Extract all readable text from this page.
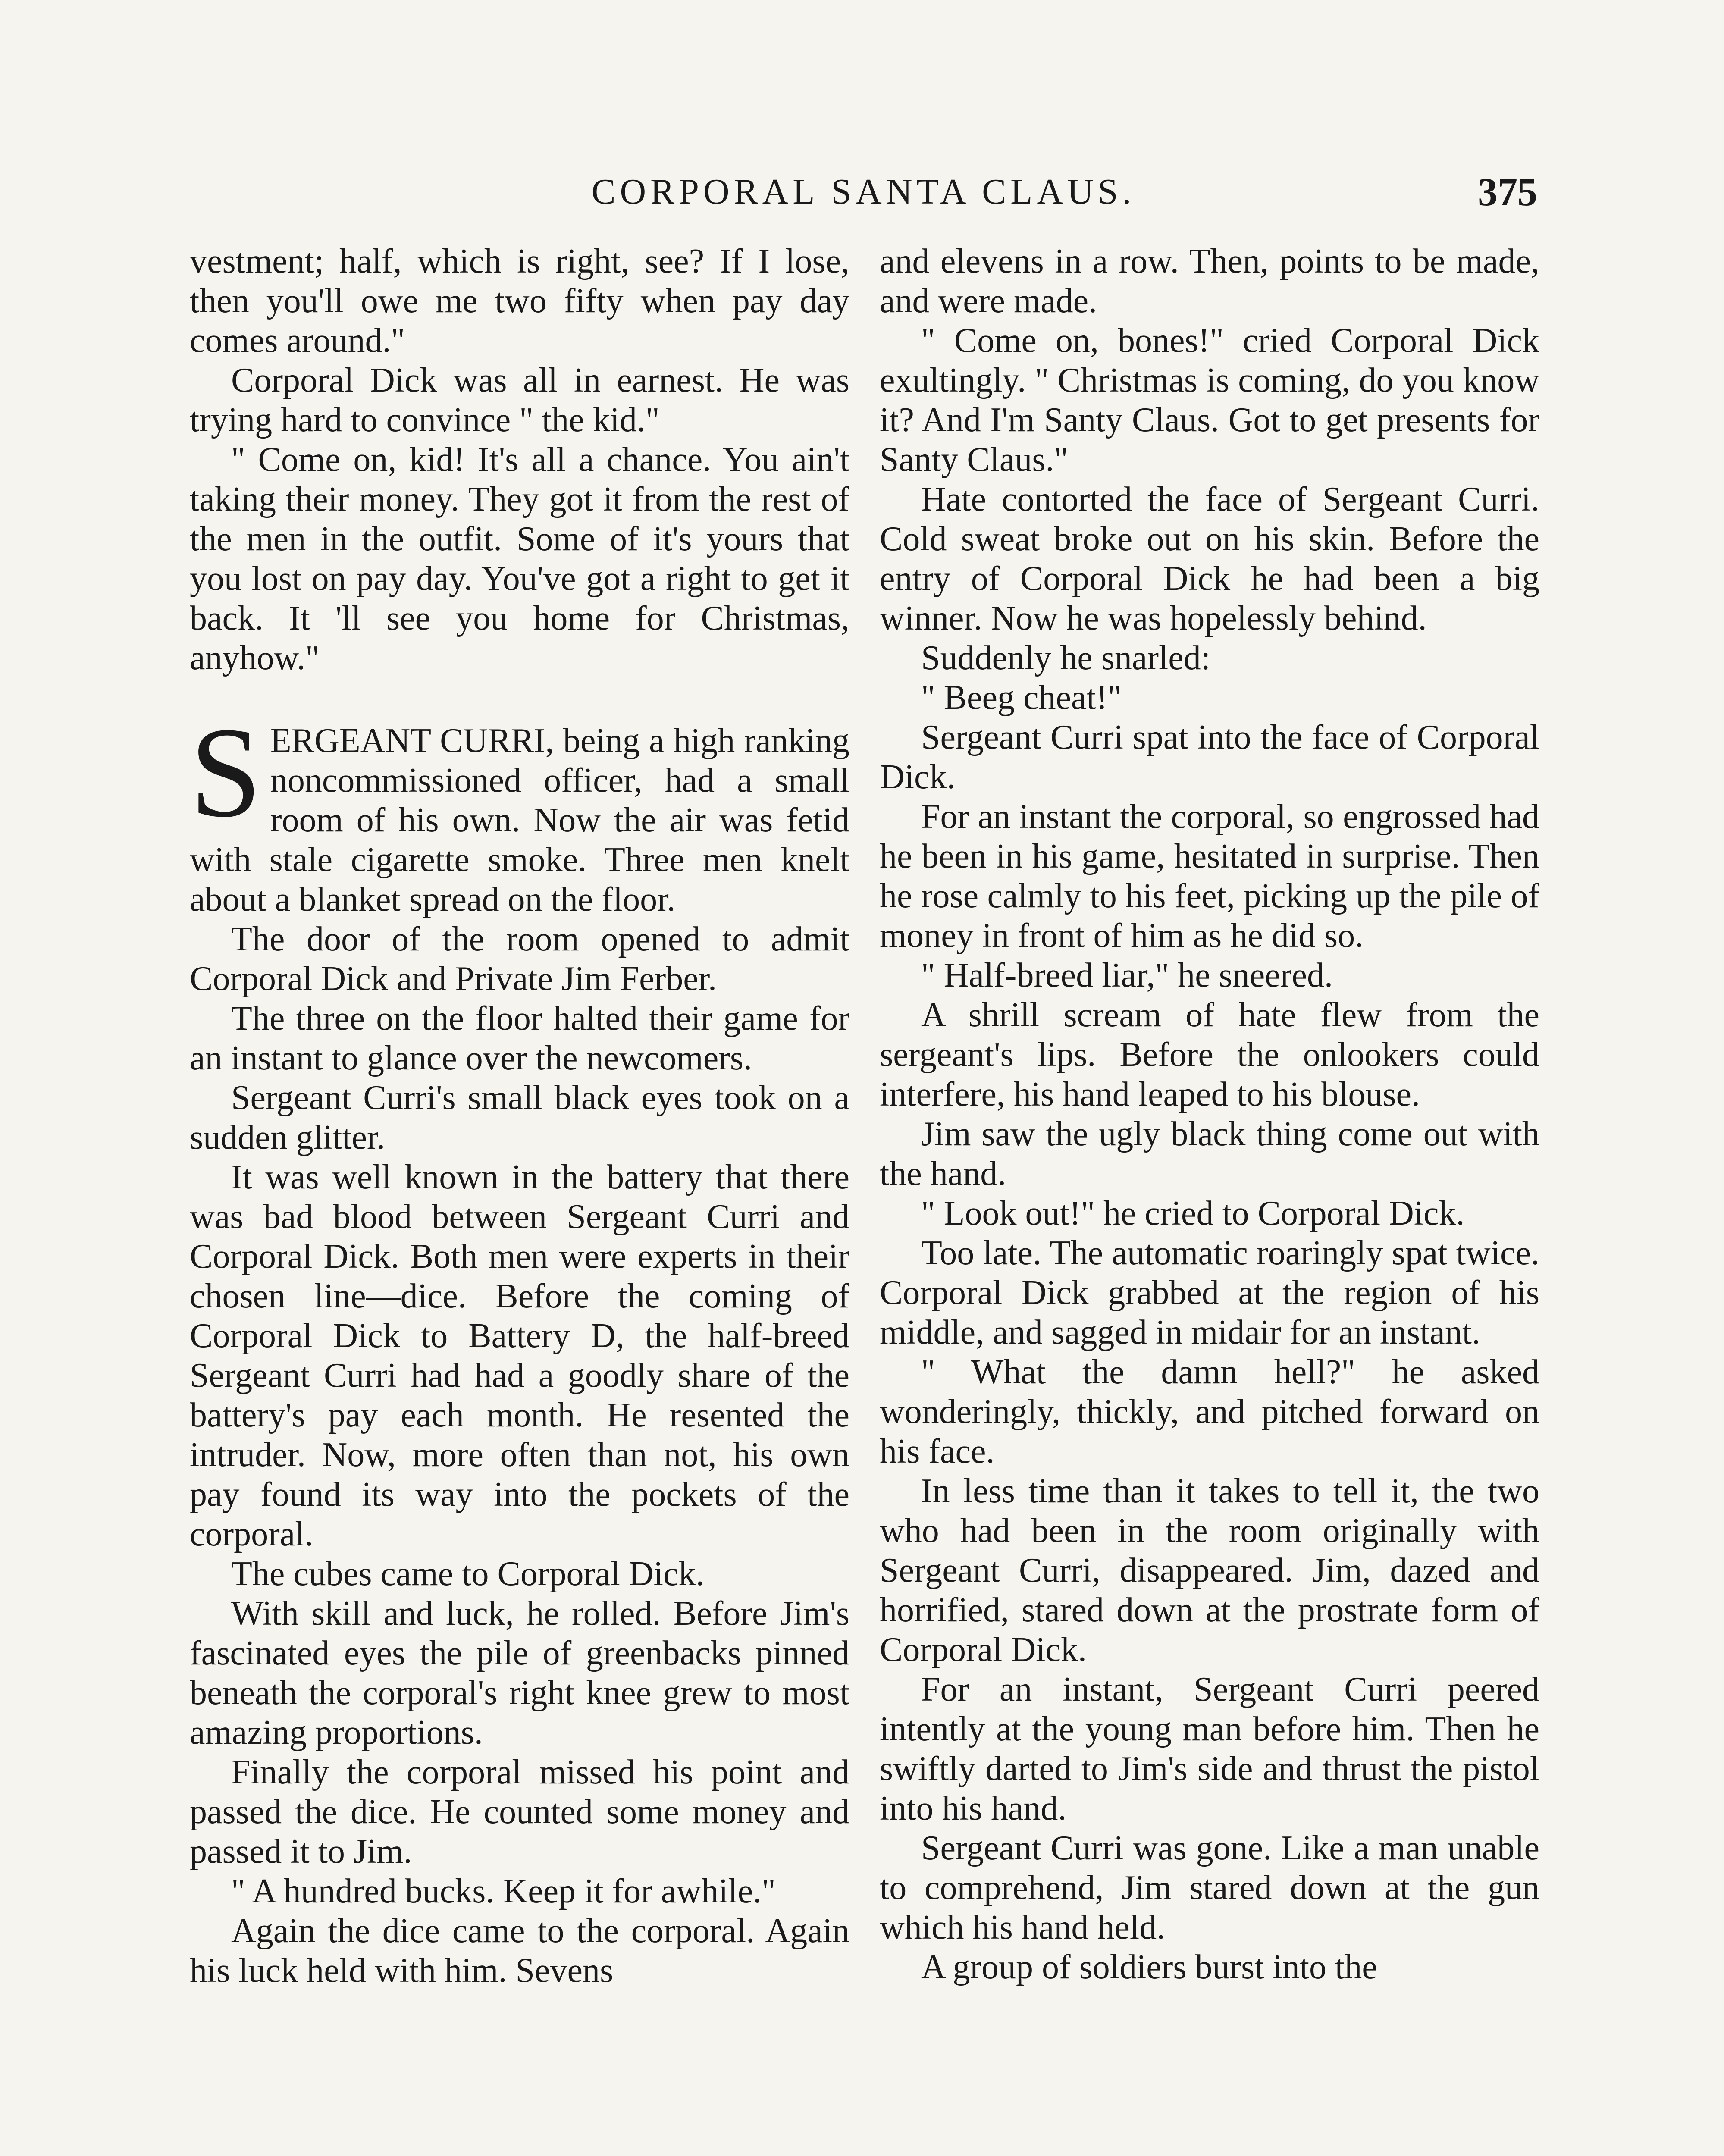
CORPORAL SANTA CLAUS.	375

vestment; half, which is right, see? If I lose, then you'll owe me two fifty when pay day comes around."

Corporal Dick was all in earnest. He was trying hard to convince " the kid."

" Come on, kid! It's all a chance. You ain't taking their money. They got it from the rest of the men in the outfit. Some of it's yours that you lost on pay day. You've got a right to get it back. It 'll see you home for Christmas, anyhow."

SERGEANT CURRI, being a high ranking noncommissioned officer, had a small room of his own. Now the air was fetid with stale cigarette smoke. Three men knelt about a blanket spread on the floor.

The door of the room opened to admit Corporal Dick and Private Jim Ferber.

The three on the floor halted their game for an instant to glance over the newcomers.

Sergeant Curri's small black eyes took on a sudden glitter.

It was well known in the battery that there was bad blood between Sergeant Curri and Corporal Dick. Both men were experts in their chosen line—dice. Before the coming of Corporal Dick to Battery D, the half-breed Sergeant Curri had had a goodly share of the battery's pay each month. He resented the intruder. Now, more often than not, his own pay found its way into the pockets of the corporal.

The cubes came to Corporal Dick.

With skill and luck, he rolled. Before Jim's fascinated eyes the pile of greenbacks pinned beneath the corporal's right knee grew to most amazing proportions.

Finally the corporal missed his point and passed the dice. He counted some money and passed it to Jim.

" A hundred bucks. Keep it for awhile."

Again the dice came to the corporal. Again his luck held with him. Sevens

and elevens in a row. Then, points to be made, and were made.

" Come on, bones!" cried Corporal Dick exultingly. " Christmas is coming, do you know it? And I'm Santy Claus. Got to get presents for Santy Claus."

Hate contorted the face of Sergeant Curri. Cold sweat broke out on his skin. Before the entry of Corporal Dick he had been a big winner. Now he was hopelessly behind.

Suddenly he snarled:

" Beeg cheat!"

Sergeant Curri spat into the face of Corporal Dick.

For an instant the corporal, so engrossed had he been in his game, hesitated in surprise. Then he rose calmly to his feet, picking up the pile of money in front of him as he did so.

" Half-breed liar," he sneered.

A shrill scream of hate flew from the sergeant's lips. Before the onlookers could interfere, his hand leaped to his blouse.

Jim saw the ugly black thing come out with the hand.

" Look out!" he cried to Corporal Dick.

Too late. The automatic roaringly spat twice. Corporal Dick grabbed at the region of his middle, and sagged in midair for an instant.

" What the damn hell?" he asked wonderingly, thickly, and pitched forward on his face.

In less time than it takes to tell it, the two who had been in the room originally with Sergeant Curri, disappeared. Jim, dazed and horrified, stared down at the prostrate form of Corporal Dick.

For an instant, Sergeant Curri peered intently at the young man before him. Then he swiftly darted to Jim's side and thrust the pistol into his hand.

Sergeant Curri was gone. Like a man unable to comprehend, Jim stared down at the gun which his hand held.

A group of soldiers burst into the
